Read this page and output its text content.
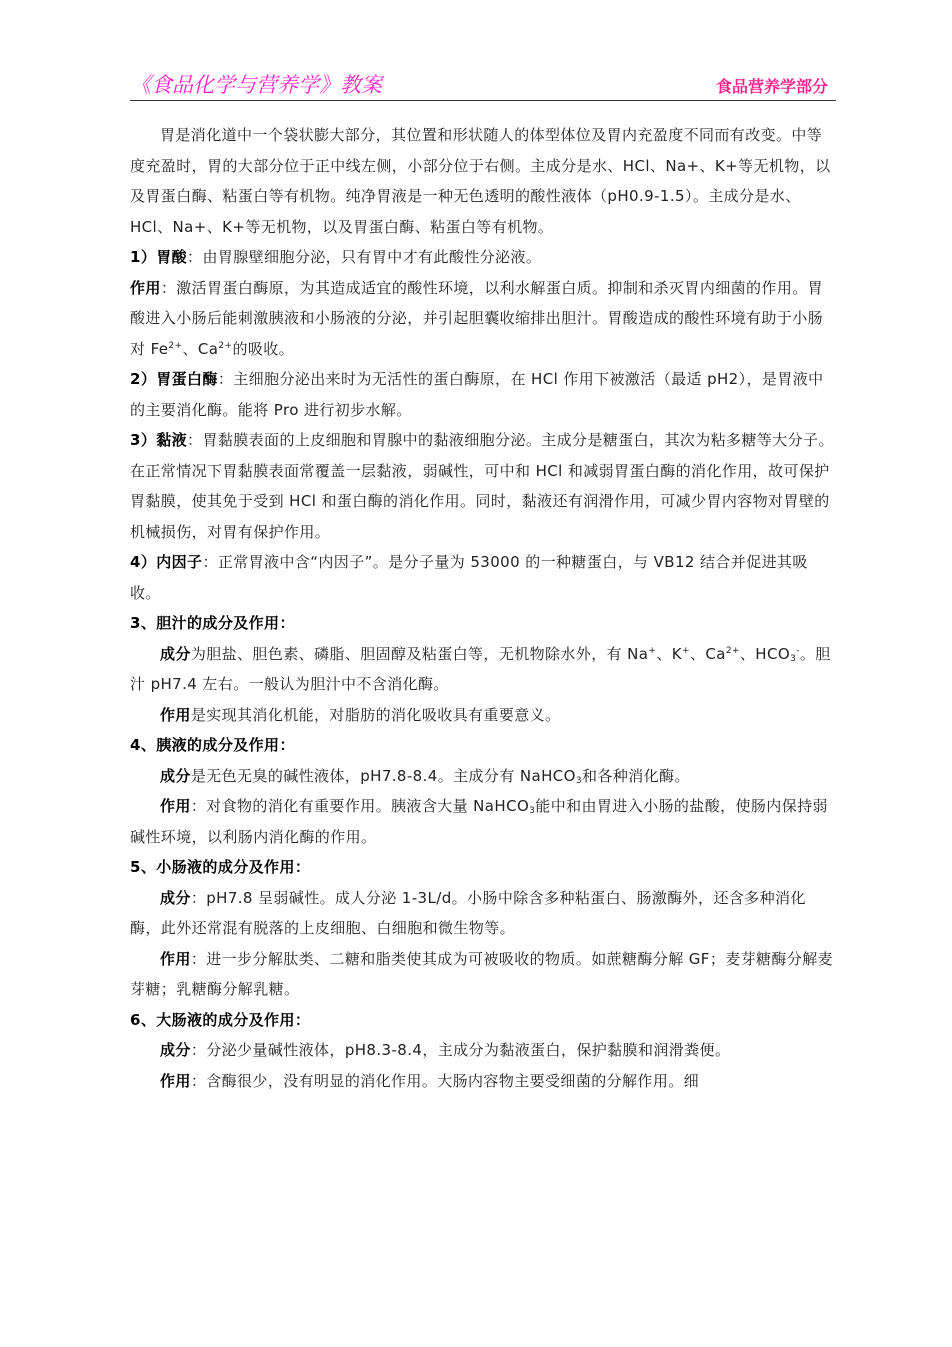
《食品化学与营养学》教案	食品营养学部分

胃是消化道中一个袋状膨大部分，其位置和形状随人的体型体位及胃内充盈度不同而有改变。中等度充盈时，胃的大部分位于正中线左侧，小部分位于右侧。主成分是水、HCl、Na+、K+等无机物，以及胃蛋白酶、粘蛋白等有机物。纯净胃液是一种无色透明的酸性液体（pH0.9-1.5）。主成分是水、HCl、Na+、K+等无机物，以及胃蛋白酶、粘蛋白等有机物。

1）胃酸：由胃腺壁细胞分泌，只有胃中才有此酸性分泌液。

作用：激活胃蛋白酶原，为其造成适宜的酸性环境，以利水解蛋白质。抑制和杀灭胃内细菌的作用。胃酸进入小肠后能刺激胰液和小肠液的分泌，并引起胆囊收缩排出胆汁。胃酸造成的酸性环境有助于小肠对 $Fe^{2+}$、$Ca^{2+}$的吸收。

2）胃蛋白酶：主细胞分泌出来时为无活性的蛋白酶原，在 HCl 作用下被激活（最适 pH2），是胃液中的主要消化酶。能将 Pro 进行初步水解。

3）黏液：胃黏膜表面的上皮细胞和胃腺中的黏液细胞分泌。主成分是糖蛋白，其次为粘多糖等大分子。在正常情况下胃黏膜表面常覆盖一层黏液，弱碱性，可中和 HCl 和减弱胃蛋白酶的消化作用，故可保护胃黏膜，使其免于受到 HCl 和蛋白酶的消化作用。同时，黏液还有润滑作用，可减少胃内容物对胃壁的机械损伤，对胃有保护作用。

4）内因子：正常胃液中含“内因子”。是分子量为 53000 的一种糖蛋白，与 VB12 结合并促进其吸收。

3、胆汁的成分及作用：

成分为胆盐、胆色素、磷脂、胆固醇及粘蛋白等，无机物除水外，有 Na+、K+、$Ca^{2+}$、$HCO_3^-$。胆汁 pH7.4 左右。一般认为胆汁中不含消化酶。

作用是实现其消化机能，对脂肪的消化吸收具有重要意义。

4、胰液的成分及作用：

成分是无色无臭的碱性液体，pH7.8-8.4。主成分有 NaHCO$_3$和各种消化酶。

作用：对食物的消化有重要作用。胰液含大量 NaHCO$_3$能中和由胃进入小肠的盐酸，使肠内保持弱碱性环境，以利肠内消化酶的作用。

5、小肠液的成分及作用：

成分：pH7.8 呈弱碱性。成人分泌 1-3L/d。小肠中除含多种粘蛋白、肠激酶外，还含多种消化酶，此外还常混有脱落的上皮细胞、白细胞和微生物等。

作用：进一步分解肽类、二糖和脂类使其成为可被吸收的物质。如蔗糖酶分解 GF；麦芽糖酶分解麦芽糖；乳糖酶分解乳糖。

6、大肠液的成分及作用：

成分：分泌少量碱性液体，pH8.3-8.4，主成分为黏液蛋白，保护黏膜和润滑粪便。

作用：含酶很少，没有明显的消化作用。大肠内容物主要受细菌的分解作用。细
